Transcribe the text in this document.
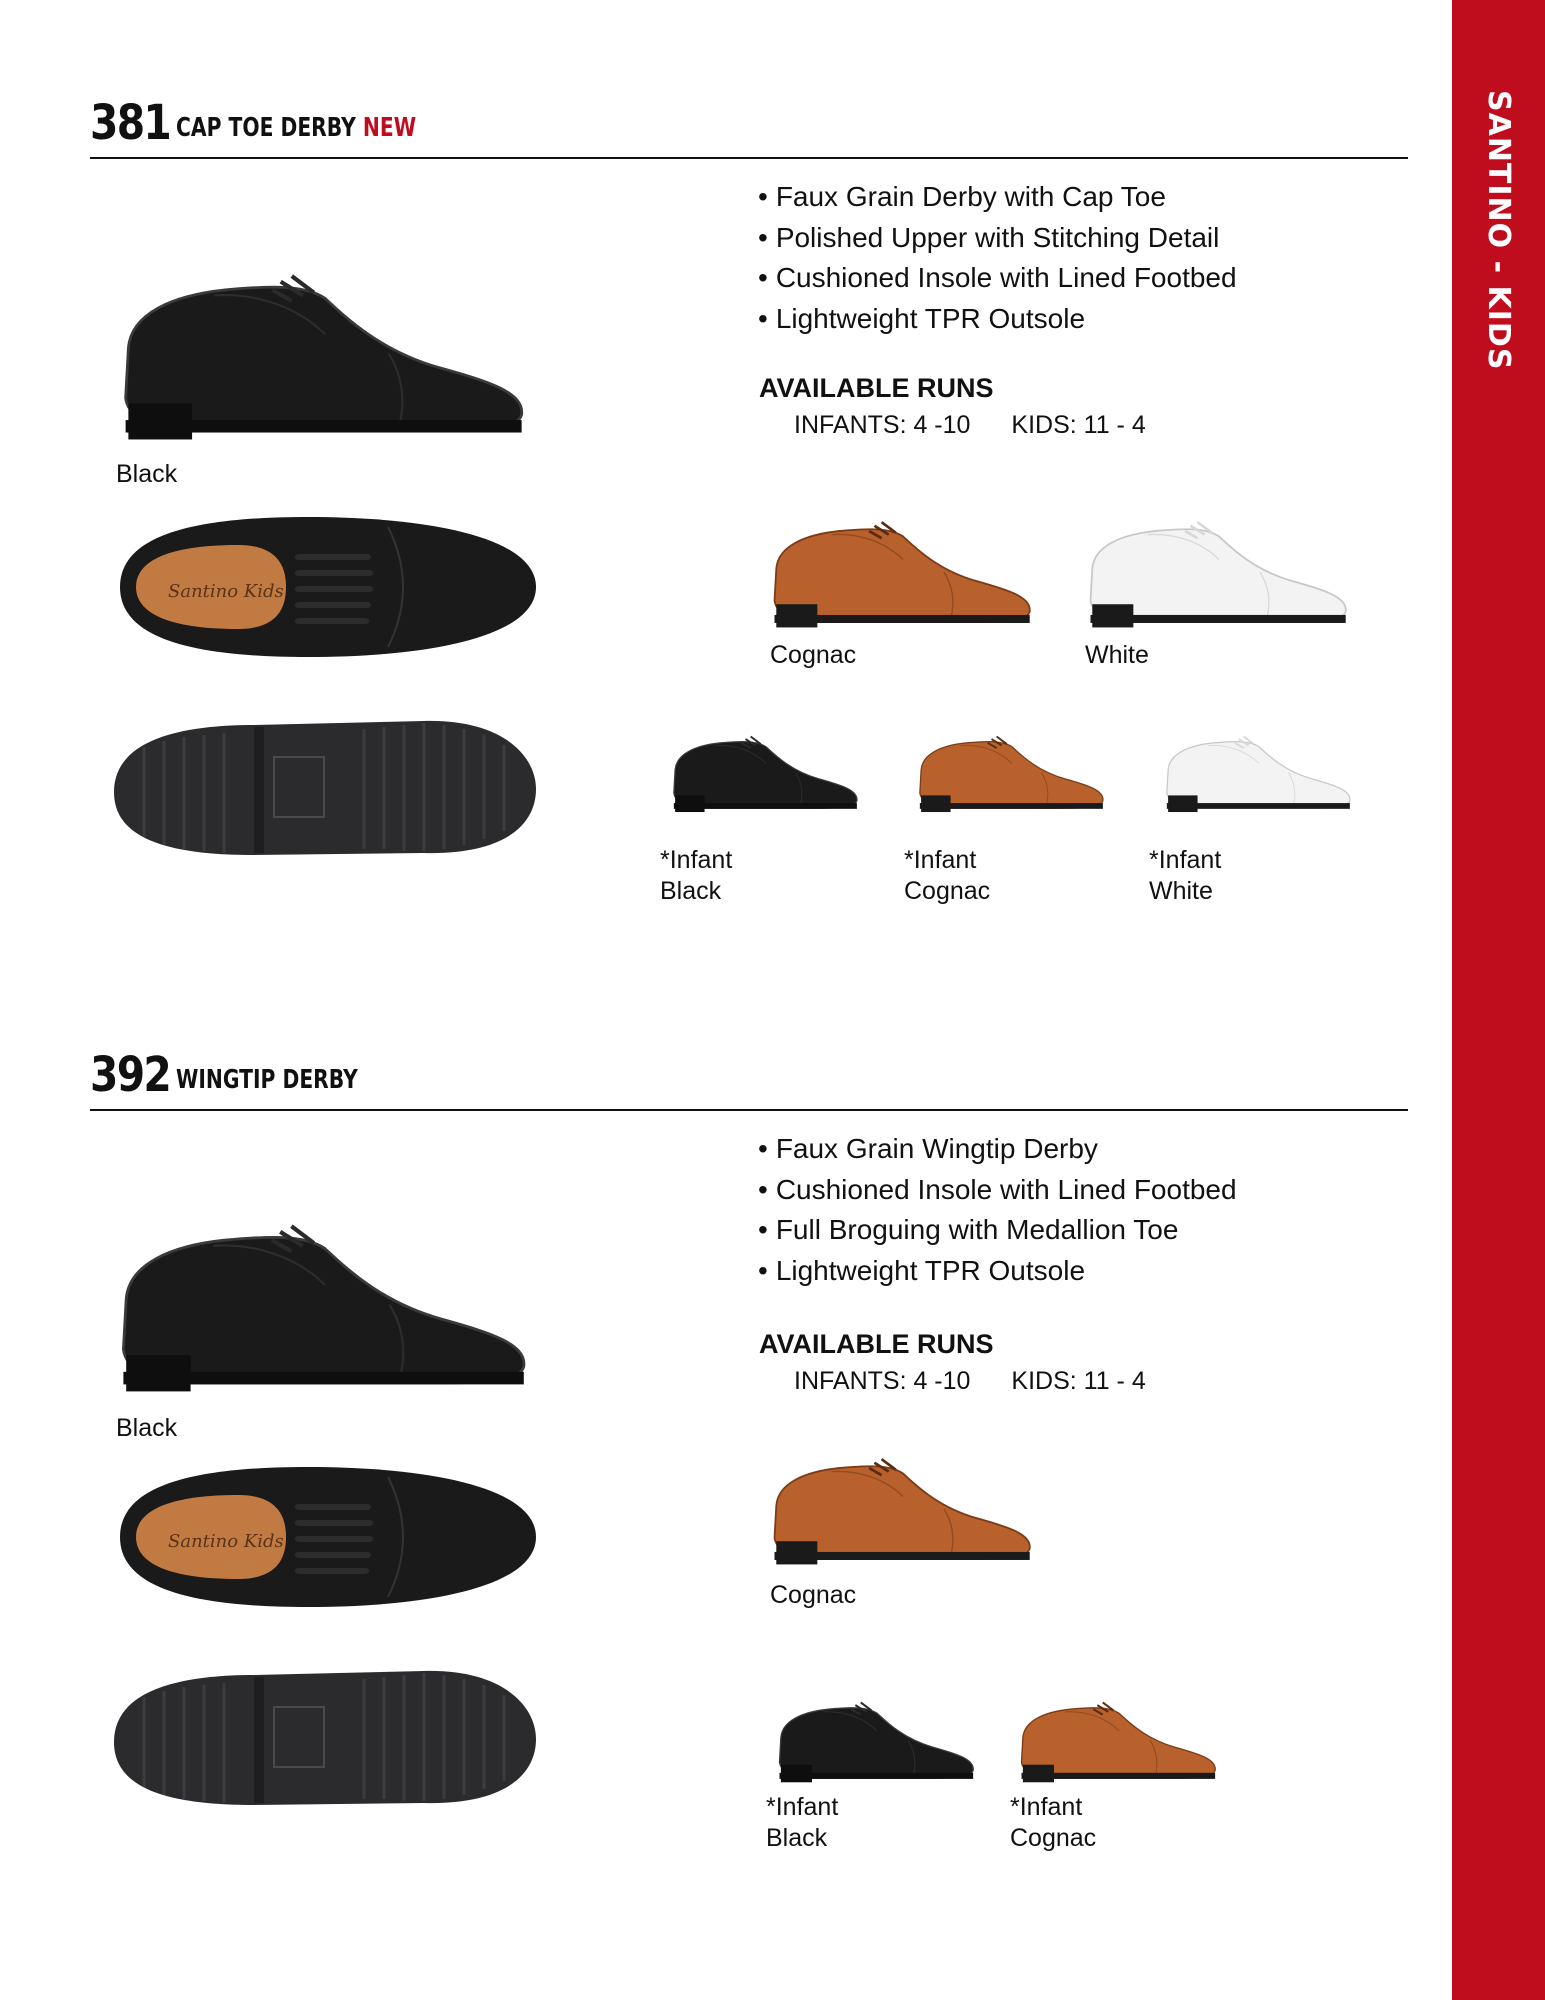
SANTINO - KIDS
381 CAP TOE DERBY NEW
• Faux Grain Derby with Cap Toe
• Polished Upper with Stitching Detail
• Cushioned Insole with Lined Footbed
• Lightweight TPR Outsole
AVAILABLE RUNS
INFANTS: 4 -10 KIDS: 11 - 4
Black
Cognac	White
*Infant
Black
*Infant
Cognac
*Infant
White
392 WINGTIP DERBY
• Faux Grain Wingtip Derby
• Cushioned Insole with Lined Footbed
• Full Broguing with Medallion Toe
• Lightweight TPR Outsole
AVAILABLE RUNS
INFANTS: 4 -10 KIDS: 11 - 4
Black
Cognac
*Infant
Black
*Infant
Cognac
